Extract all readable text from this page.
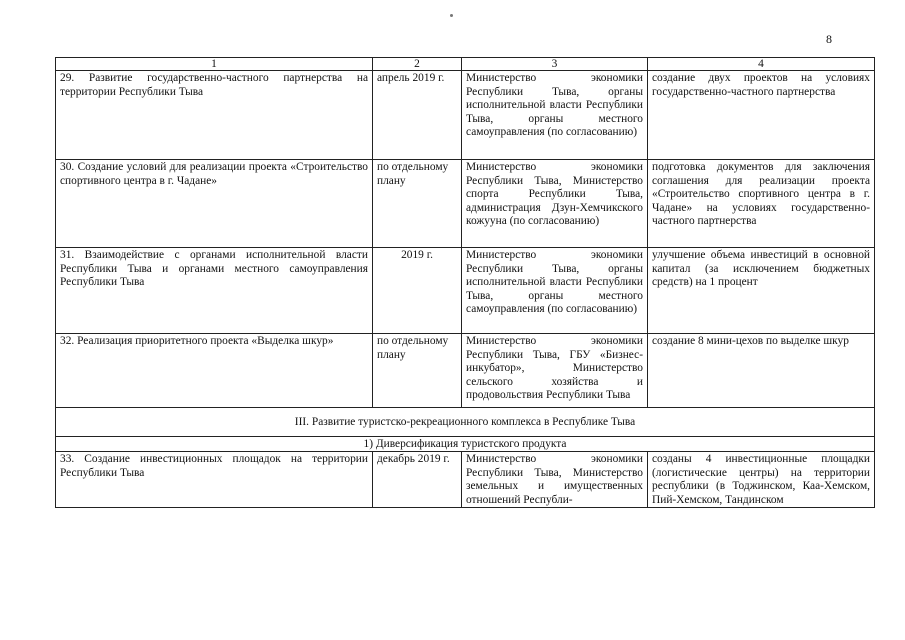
8
1	2	3	4
29. Развитие государственно-частного партнерства на территории Республики Тыва	апрель 2019 г.	Министерство экономики Республики Тыва, органы исполнительной власти Республики Тыва, органы местного самоуправления (по согласованию)	создание двух проектов на условиях государственно-частного партнерства
30. Создание условий для реализации проекта «Строительство спортивного центра в г. Чадане»	по отдельному плану	Министерство экономики Республики Тыва, Министерство спорта Республики Тыва, администрация Дзун-Хемчикского кожууна (по согласованию)	подготовка документов для заключения соглашения для реализации проекта «Строительство спортивного центра в г. Чадане» на условиях государственно-частного партнерства
31. Взаимодействие с органами исполнительной власти Республики Тыва и органами местного самоуправления Республики Тыва	2019 г.	Министерство экономики Республики Тыва, органы исполнительной власти Республики Тыва, органы местного самоуправления (по согласованию)	улучшение объема инвестиций в основной капитал (за исключением бюджетных средств) на 1 процент
32. Реализация приоритетного проекта «Выделка шкур»	по отдельному плану	Министерство экономики Республики Тыва, ГБУ «Бизнес-инкубатор», Министерство сельского хозяйства и продовольствия Республики Тыва	создание 8 мини-цехов по выделке шкур
III. Развитие туристско-рекреационного комплекса в Республике Тыва			
1) Диверсификация туристского продукта			
33. Создание инвестиционных площадок на территории Республики Тыва	декабрь 2019 г.	Министерство экономики Республики Тыва, Министерство земельных и имущественных отношений Республи-	созданы 4 инвестиционные площадки (логистические центры) на территории республики (в Тоджинском, Каа-Хемском, Пий-Хемском, Тандинском
